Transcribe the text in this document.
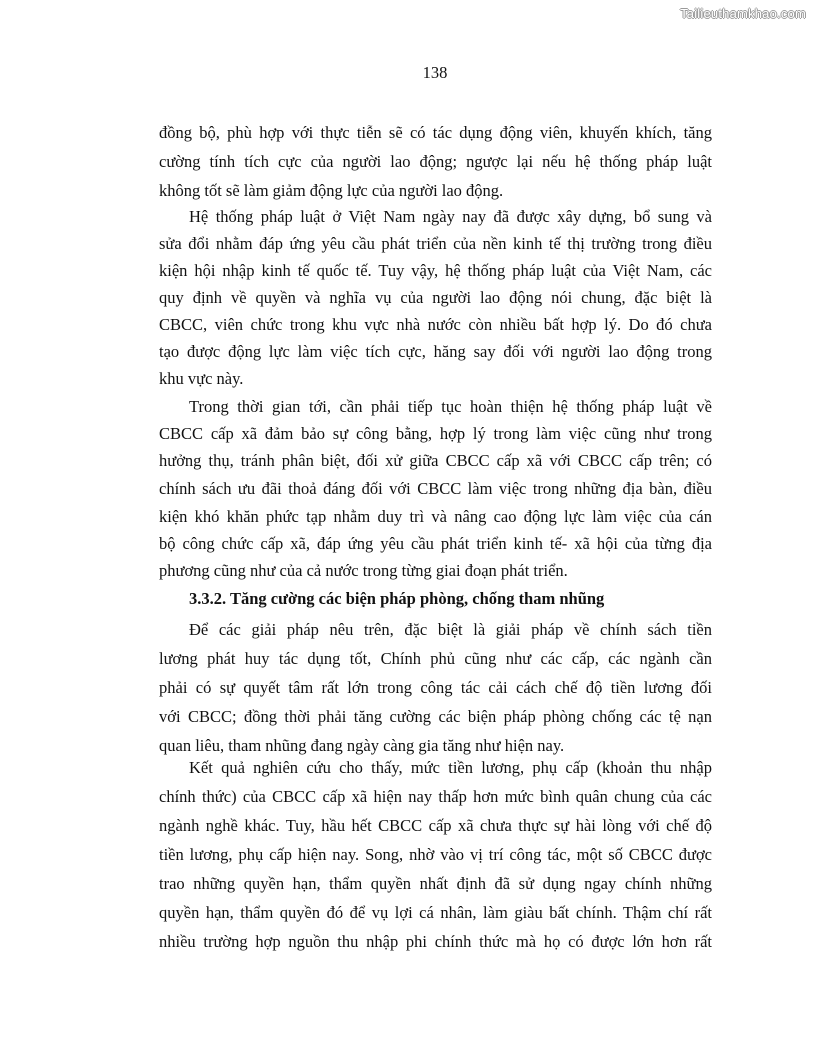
Tailieuthamkhao.com
138
đồng bộ, phù hợp với thực tiễn sẽ có tác dụng động viên, khuyến khích, tăng
cường tính tích cực của người lao động; ngược lại nếu hệ thống pháp luật
không tốt sẽ làm giảm động lực của người lao động.
Hệ thống pháp luật ở Việt Nam ngày nay đã được xây dựng, bổ sung và
sửa đổi nhằm đáp ứng yêu cầu phát triển của nền kinh tế thị trường trong điều
kiện hội nhập kinh tế quốc tế. Tuy vậy, hệ thống pháp luật của Việt Nam, các
quy định về quyền và nghĩa vụ của người lao động nói chung, đặc biệt là
CBCC, viên chức trong khu vực nhà nước còn nhiều bất hợp lý. Do đó chưa
tạo được động lực làm việc tích cực, hăng say đối với người lao động trong
khu vực này.
Trong thời gian tới, cần phải tiếp tục hoàn thiện hệ thống pháp luật về
CBCC cấp xã đảm bảo sự công bằng, hợp lý trong làm việc cũng như trong
hưởng thụ, tránh phân biệt, đối xử giữa CBCC cấp xã với CBCC cấp trên; có
chính sách ưu đãi thoả đáng đối với CBCC làm việc trong những địa bàn, điều
kiện khó khăn phức tạp nhằm duy trì và nâng cao động lực làm việc của cán
bộ công chức cấp xã, đáp ứng yêu cầu phát triển kinh tế- xã hội của từng địa
phương cũng như của cả nước trong từng giai đoạn phát triển.
3.3.2. Tăng cường các biện pháp phòng, chống tham nhũng
Để các giải pháp nêu trên, đặc biệt là giải pháp về chính sách tiền
lương phát huy tác dụng tốt, Chính phủ cũng như các cấp, các ngành cần
phải có sự quyết tâm rất lớn trong công tác cải cách chế độ tiền lương đối
với CBCC; đồng thời phải tăng cường các biện pháp phòng chống các tệ nạn
quan liêu, tham nhũng đang ngày càng gia tăng như hiện nay.
Kết quả nghiên cứu cho thấy, mức tiền lương, phụ cấp (khoản thu nhập
chính thức) của CBCC cấp xã hiện nay thấp hơn mức bình quân chung của các
ngành nghề khác. Tuy, hầu hết CBCC cấp xã chưa thực sự hài lòng với chế độ
tiền lương, phụ cấp hiện nay. Song, nhờ vào vị trí công tác, một số CBCC được
trao những quyền hạn, thẩm quyền nhất định đã sử dụng ngay chính những
quyền hạn, thẩm quyền đó để vụ lợi cá nhân, làm giàu bất chính. Thậm chí rất
nhiều trường hợp nguồn thu nhập phi chính thức mà họ có được lớn hơn rất
